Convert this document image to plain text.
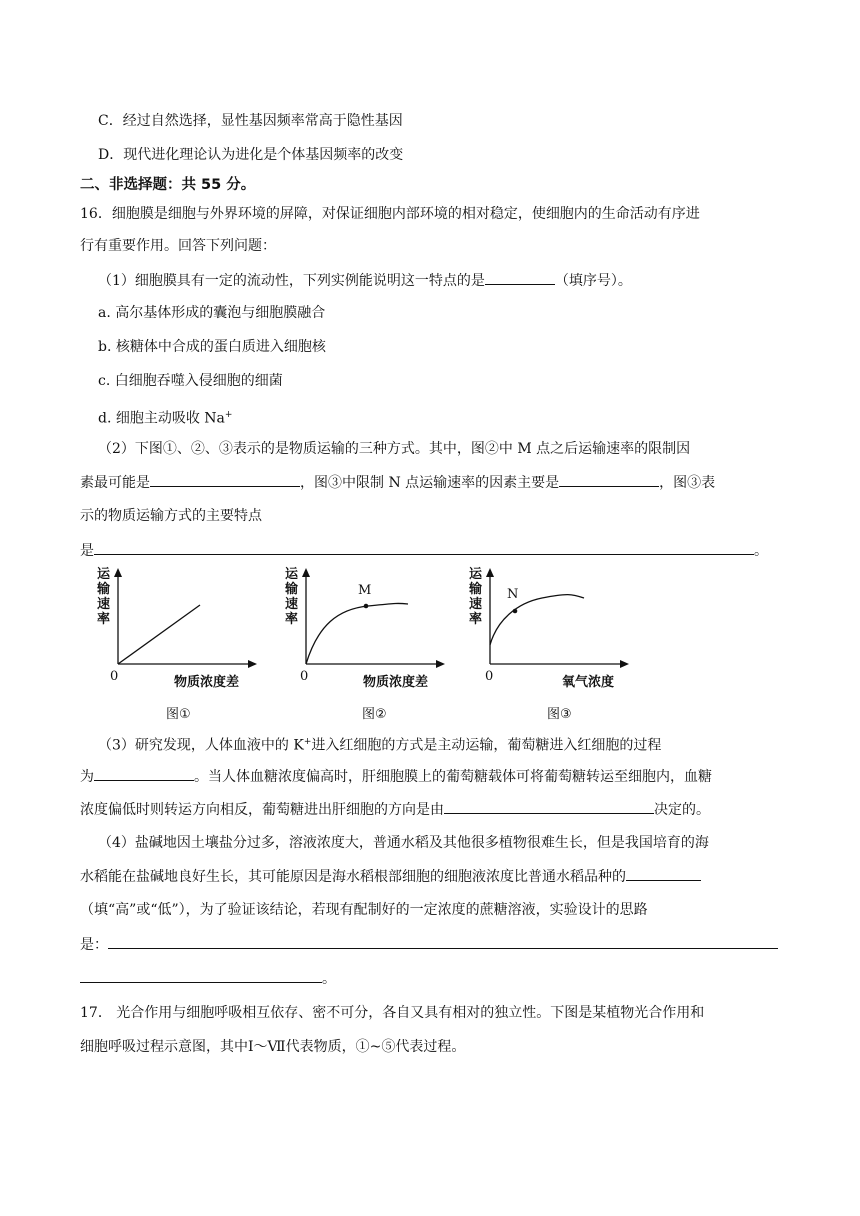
C．经过自然选择，显性基因频率常高于隐性基因
D．现代进化理论认为进化是个体基因频率的改变
二、非选择题：共 55 分。
16．细胞膜是细胞与外界环境的屏障，对保证细胞内部环境的相对稳定，使细胞内的生命活动有序进
行有重要作用。回答下列问题：
（1）细胞膜具有一定的流动性，下列实例能说明这一特点的是	（填序号）。
a. 高尔基体形成的囊泡与细胞膜融合
b. 核糖体中合成的蛋白质进入细胞核
c. 白细胞吞噬入侵细胞的细菌
d. 细胞主动吸收 Na+
（2）下图①、②、③表示的是物质运输的三种方式。其中，图②中 M 点之后运输速率的限制因
素最可能是	，图③中限制 N 点运输速率的因素主要是	，图③表
示的物质运输方式的主要特点
是	。
运
输
速
率
0	物质浓度差
图①
运
输
速
率
M
0	物质浓度差
图②
运
输
速
率
N
0	氧气浓度
图③
（3）研究发现，人体血液中的 K+进入红细胞的方式是主动运输，葡萄糖进入红细胞的过程
为	。当人体血糖浓度偏高时，肝细胞膜上的葡萄糖载体可将葡萄糖转运至细胞内，血糖
浓度偏低时则转运方向相反，葡萄糖进出肝细胞的方向是由	决定的。
（4）盐碱地因土壤盐分过多，溶液浓度大，普通水稻及其他很多植物很难生长，但是我国培育的海
水稻能在盐碱地良好生长，其可能原因是海水稻根部细胞的细胞液浓度比普通水稻品种的
（填“高”或“低”），为了验证该结论，若现有配制好的一定浓度的蔗糖溶液，实验设计的思路
是：
。
17． 光合作用与细胞呼吸相互依存、密不可分，各自又具有相对的独立性。下图是某植物光合作用和
细胞呼吸过程示意图，其中Ⅰ～Ⅶ代表物质，①~⑤代表过程。
